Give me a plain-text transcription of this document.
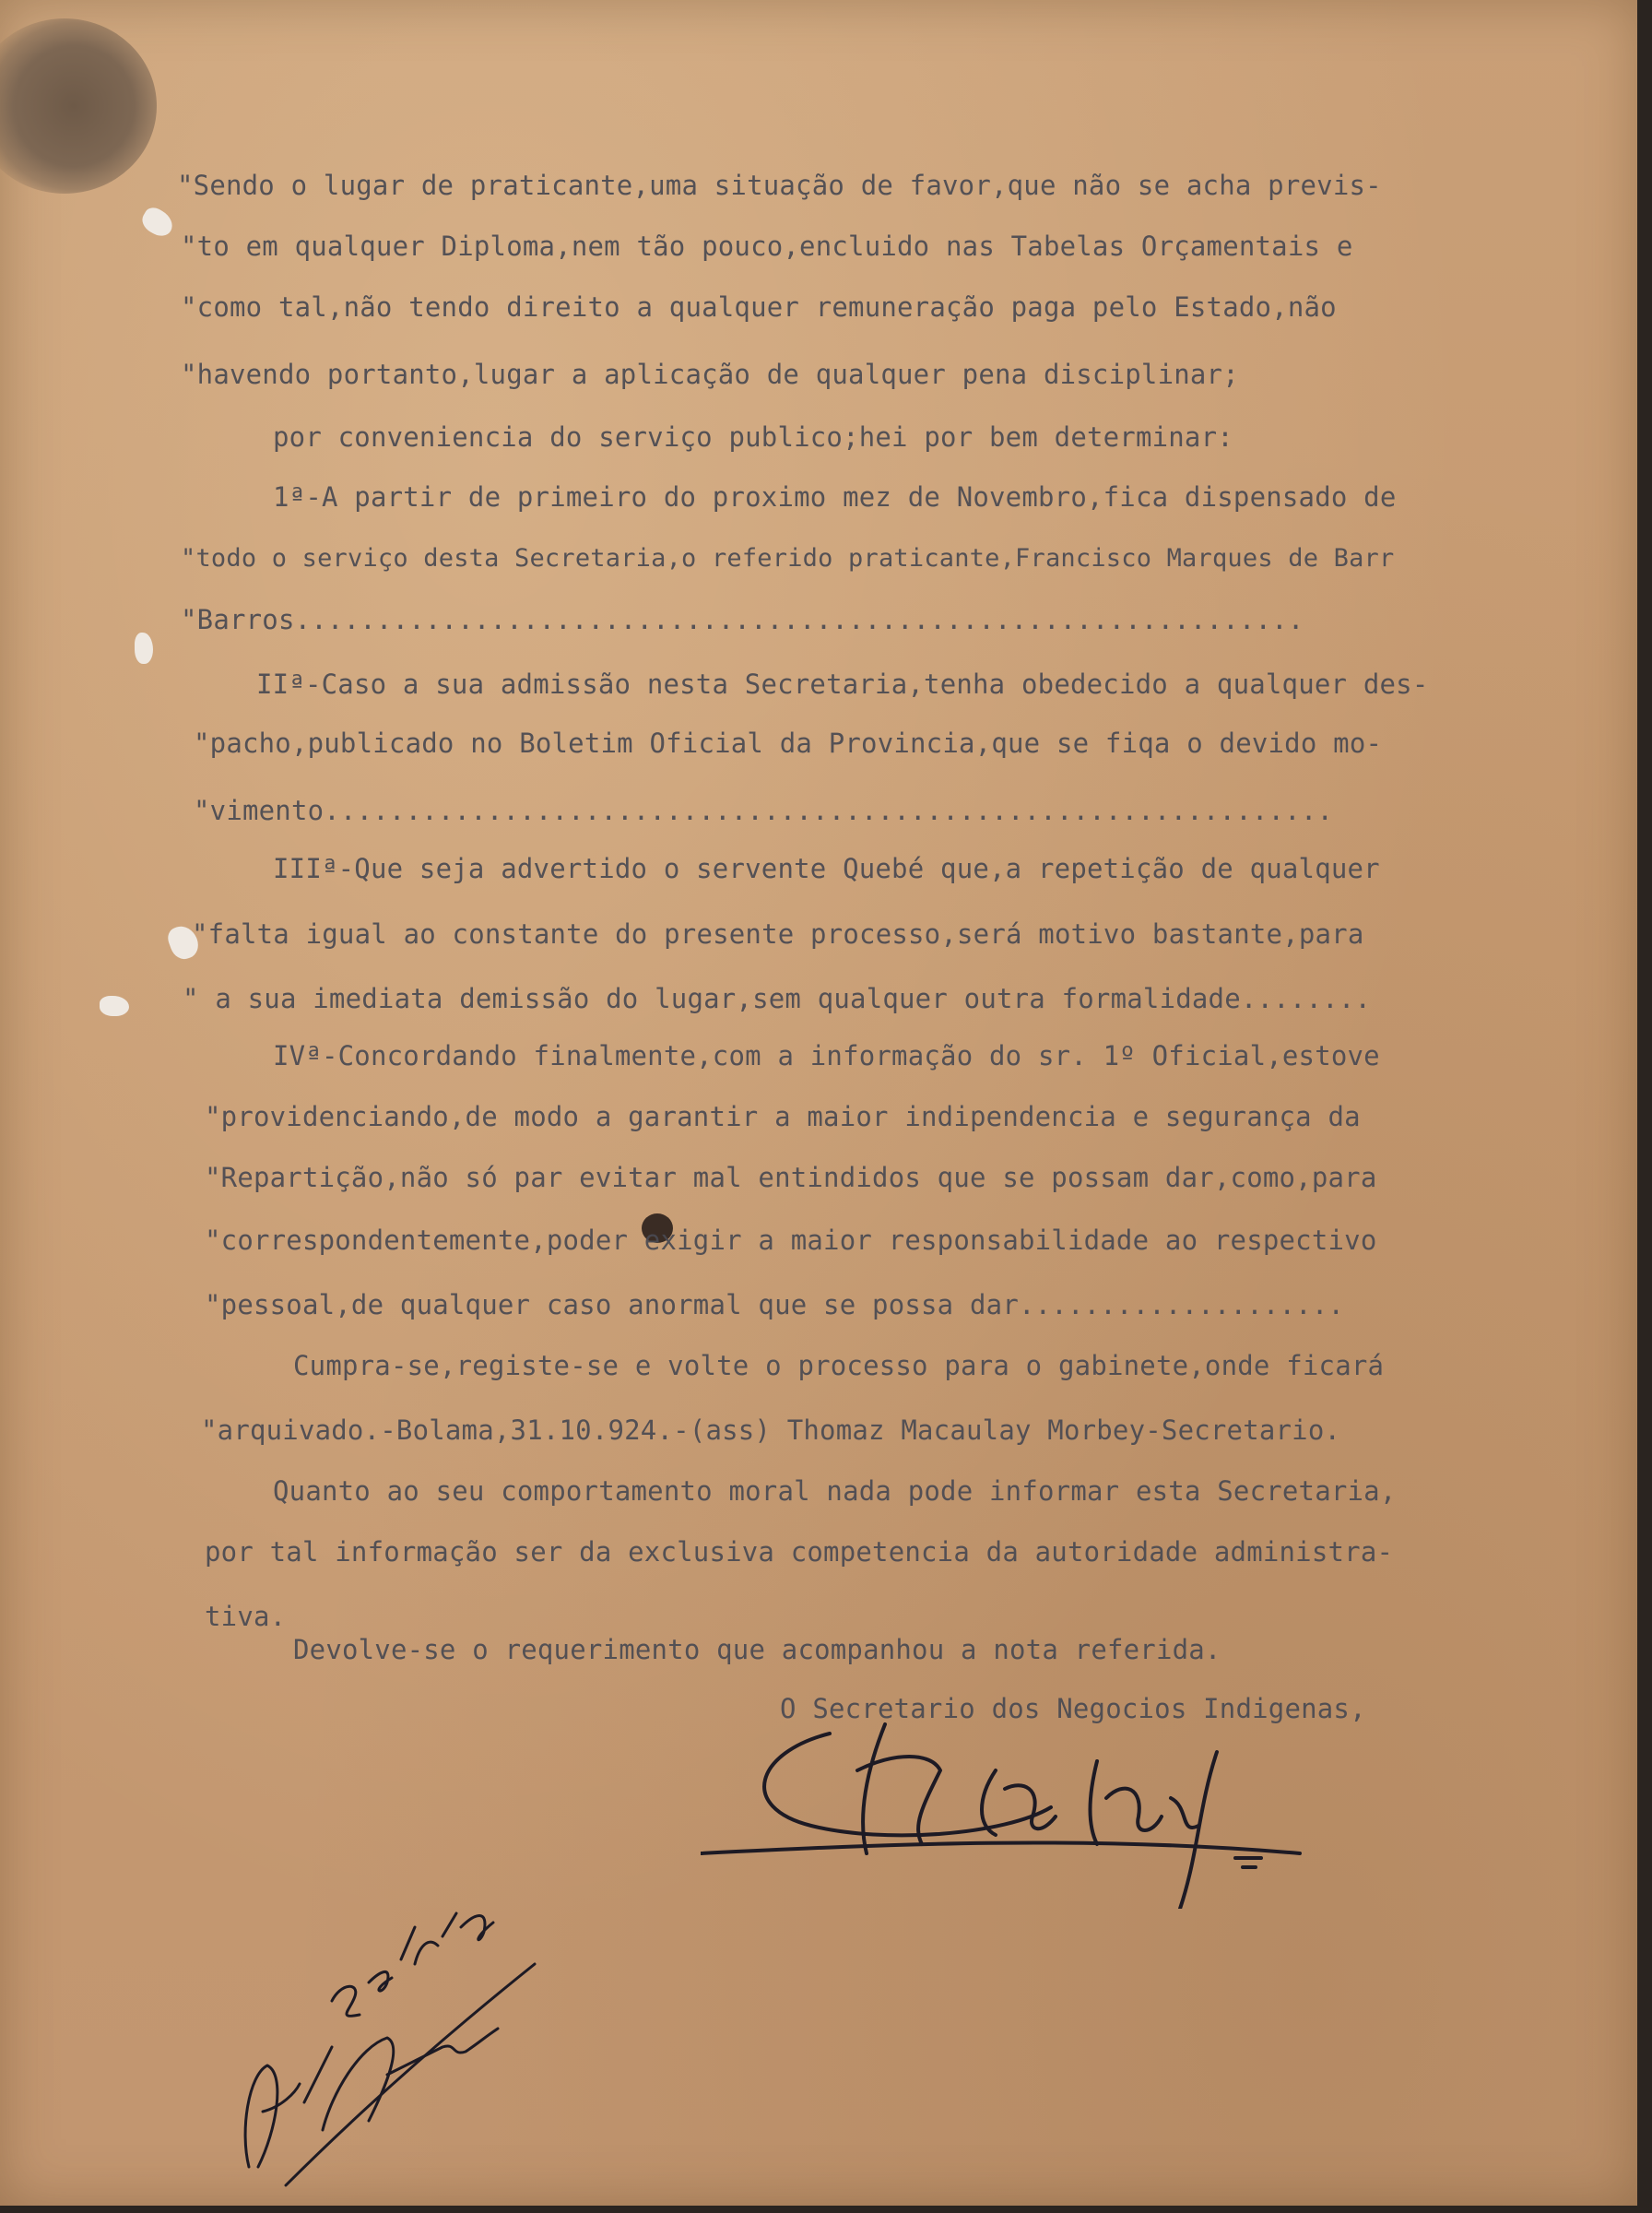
"Sendo o lugar de praticante,uma situação de favor,que não se acha previs-
"to em qualquer Diploma,nem tão pouco,encluido nas Tabelas Orçamentais e
"como tal,não tendo direito a qualquer remuneração paga pelo Estado,não
"havendo portanto,lugar a aplicação de qualquer pena disciplinar;
por conveniencia do serviço publico;hei por bem determinar:
1ª-A partir de primeiro do proximo mez de Novembro,fica dispensado de
"todo o serviço desta Secretaria,o referido praticante,Francisco Marques de Barr
"Barros..............................................................
IIª-Caso a sua admissão nesta Secretaria,tenha obedecido a qualquer des-
"pacho,publicado no Boletim Oficial da Provincia,que se fiqa o devido mo-
"vimento..............................................................
IIIª-Que seja advertido o servente Quebé que,a repetição de qualquer
"falta igual ao constante do presente processo,será motivo bastante,para
" a sua imediata demissão do lugar,sem qualquer outra formalidade........
IVª-Concordando finalmente,com a informação do sr. 1º Oficial,estove
"providenciando,de modo a garantir a maior indipendencia e segurança da
"Repartição,não só par evitar mal entindidos que se possam dar,como,para
"correspondentemente,poder exigir a maior responsabilidade ao respectivo
"pessoal,de qualquer caso anormal que se possa dar....................
Cumpra-se,registe-se e volte o processo para o gabinete,onde ficará
"arquivado.-Bolama,31.10.924.-(ass) Thomaz Macaulay Morbey-Secretario.
Quanto ao seu comportamento moral nada pode informar esta Secretaria,
por tal informação ser da exclusiva competencia da autoridade administra-
tiva.
Devolve-se o requerimento que acompanhou a nota referida.
O Secretario dos Negocios Indigenas,
